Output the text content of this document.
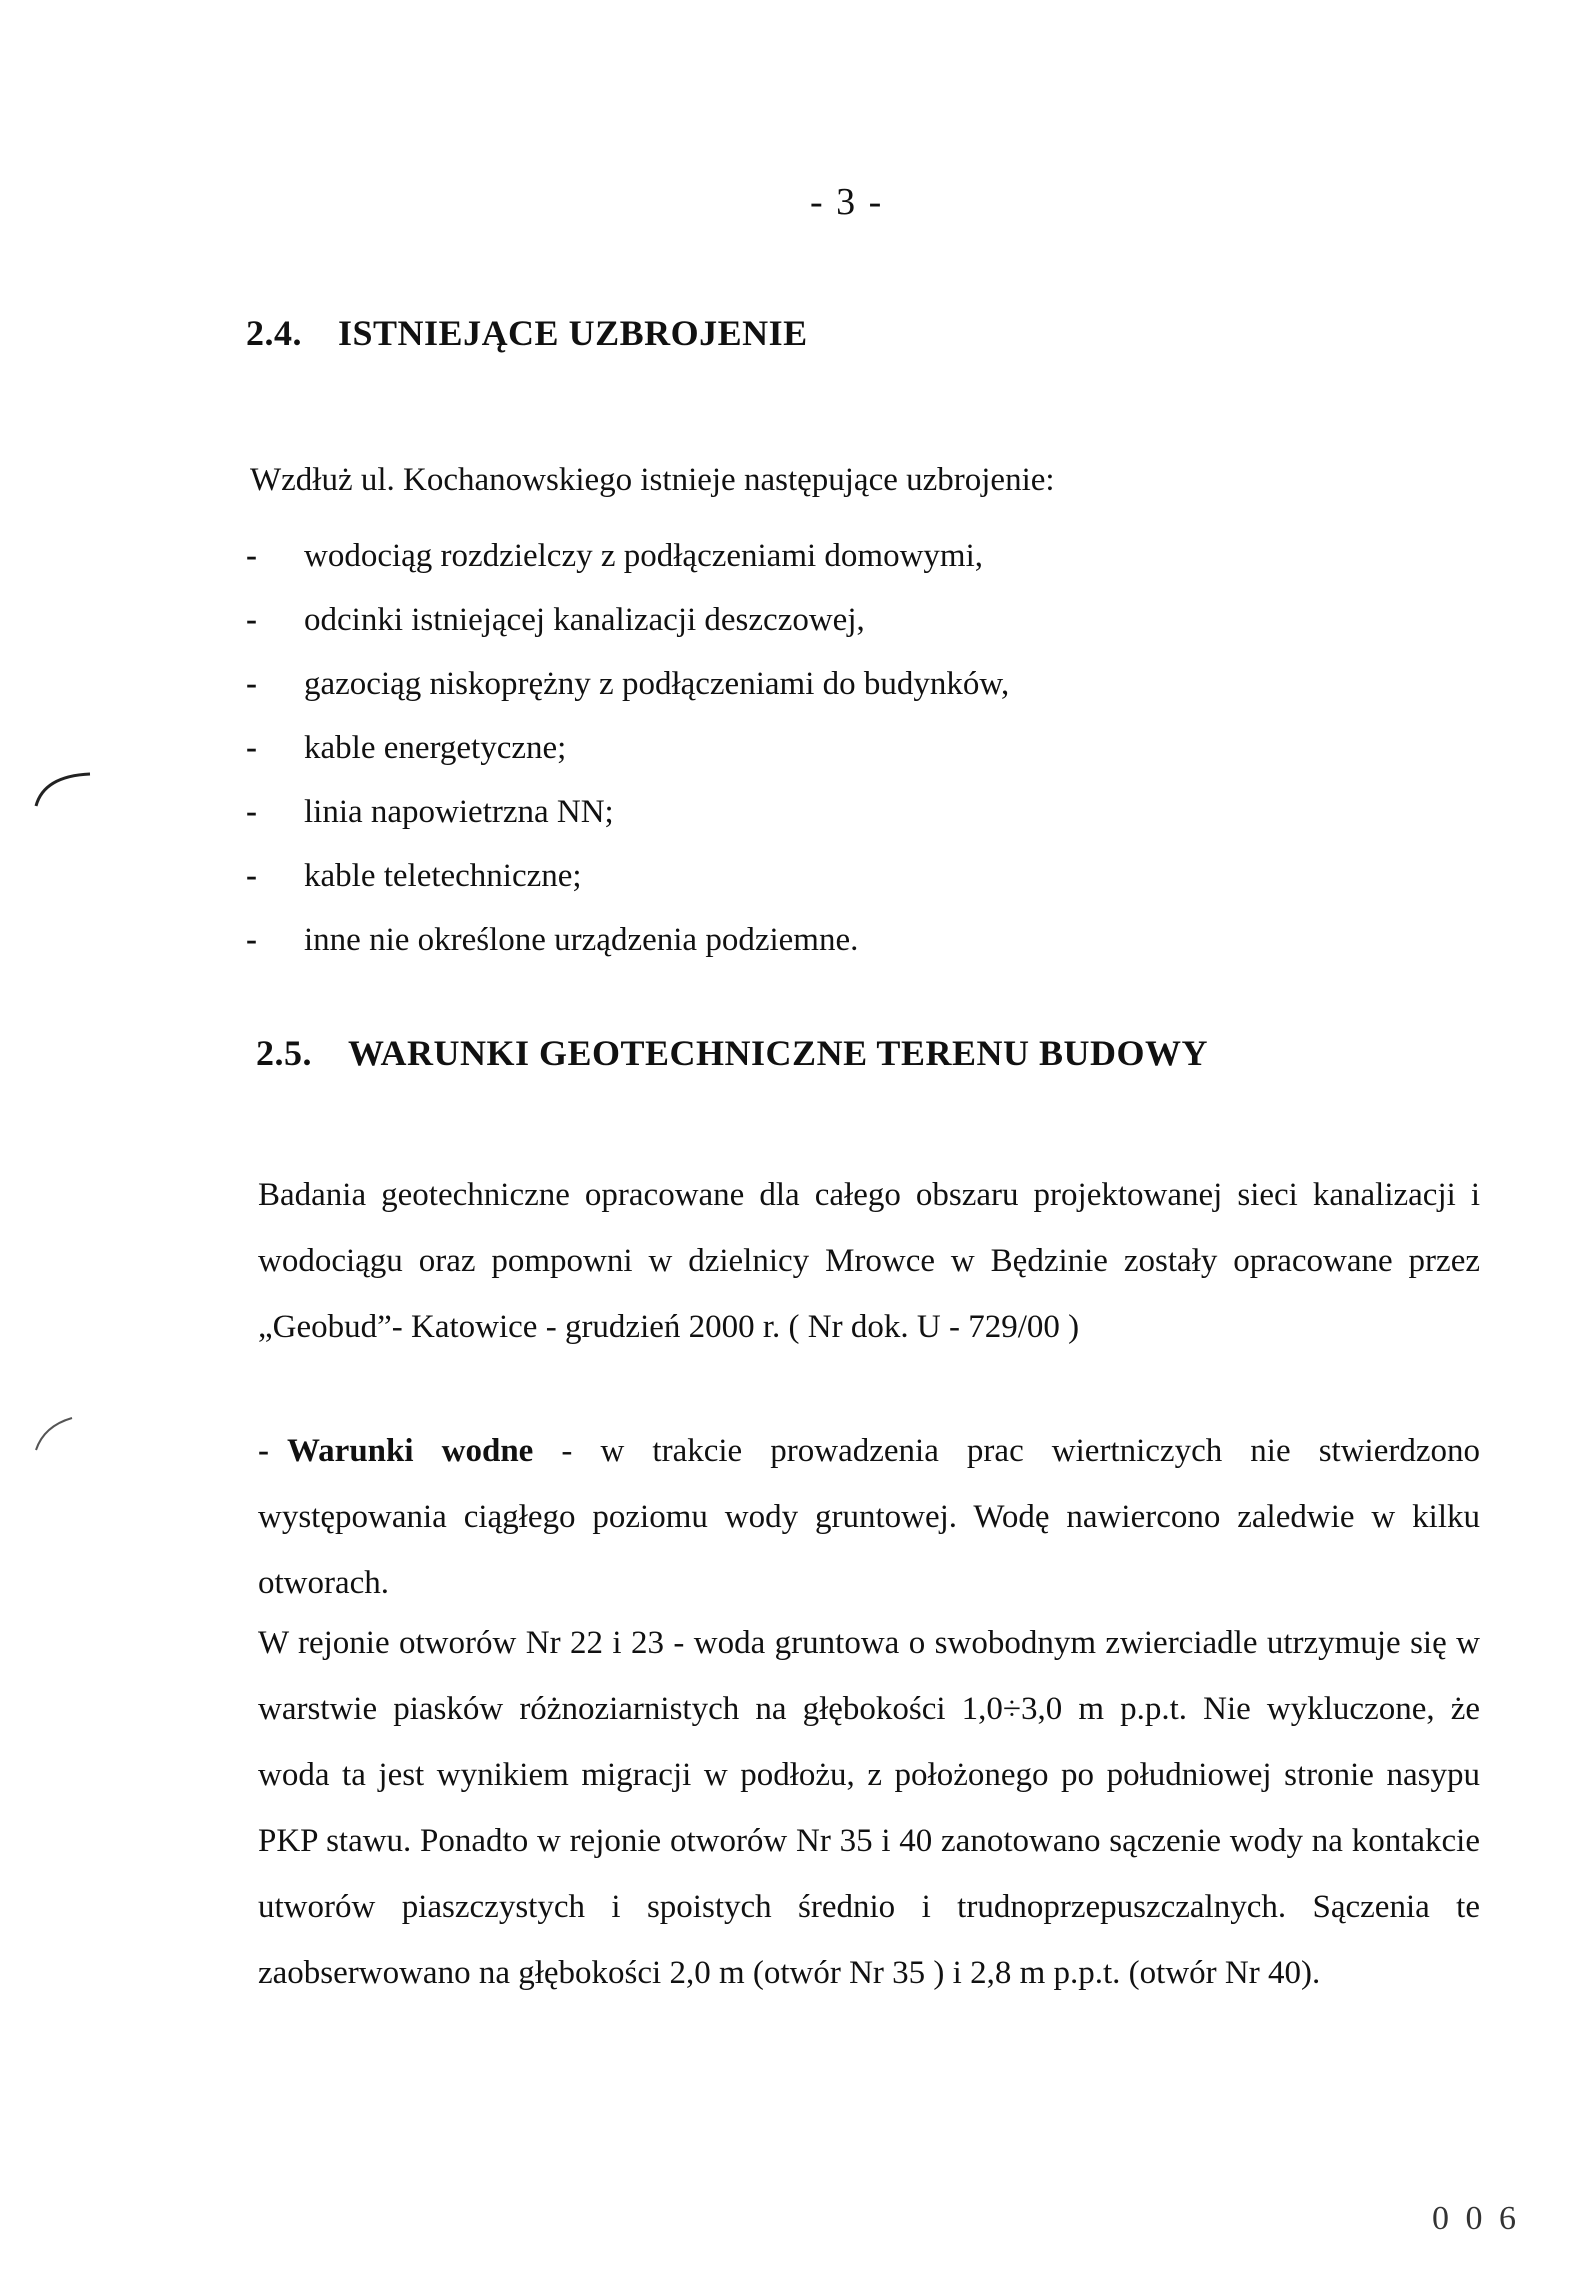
- 3 -
2.4. ISTNIEJĄCE UZBROJENIE
Wzdłuż ul. Kochanowskiego istnieje następujące uzbrojenie:
- wodociąg rozdzielczy z podłączeniami domowymi,
- odcinki istniejącej kanalizacji deszczowej,
- gazociąg niskoprężny z podłączeniami do budynków,
- kable energetyczne;
- linia napowietrzna NN;
- kable teletechniczne;
- inne nie określone urządzenia podziemne.
2.5. WARUNKI GEOTECHNICZNE TERENU BUDOWY
Badania geotechniczne opracowane dla całego obszaru projektowanej sieci kanalizacji i wodociągu oraz pompowni w dzielnicy Mrowce w Będzinie zostały opracowane przez „Geobud”- Katowice - grudzień 2000 r. ( Nr dok. U - 729/00 )
- Warunki wodne - w trakcie prowadzenia prac wiertniczych nie stwierdzono występowania ciągłego poziomu wody gruntowej. Wodę nawiercono zaledwie w kilku otworach.
W rejonie otworów Nr 22 i 23 - woda gruntowa o swobodnym zwierciadle utrzymuje się w warstwie piasków różnoziarnistych na głębokości 1,0÷3,0 m p.p.t. Nie wykluczone, że woda ta jest wynikiem migracji w podłożu, z położonego po południowej stronie nasypu PKP stawu. Ponadto w rejonie otworów Nr 35 i 40 zanotowano sączenie wody na kontakcie utworów piaszczystych i spoistych średnio i trudnoprzepuszczalnych. Sączenia te zaobserwowano na głębokości 2,0 m (otwór Nr 35 ) i 2,8 m p.p.t. (otwór Nr 40).
0 0 6
